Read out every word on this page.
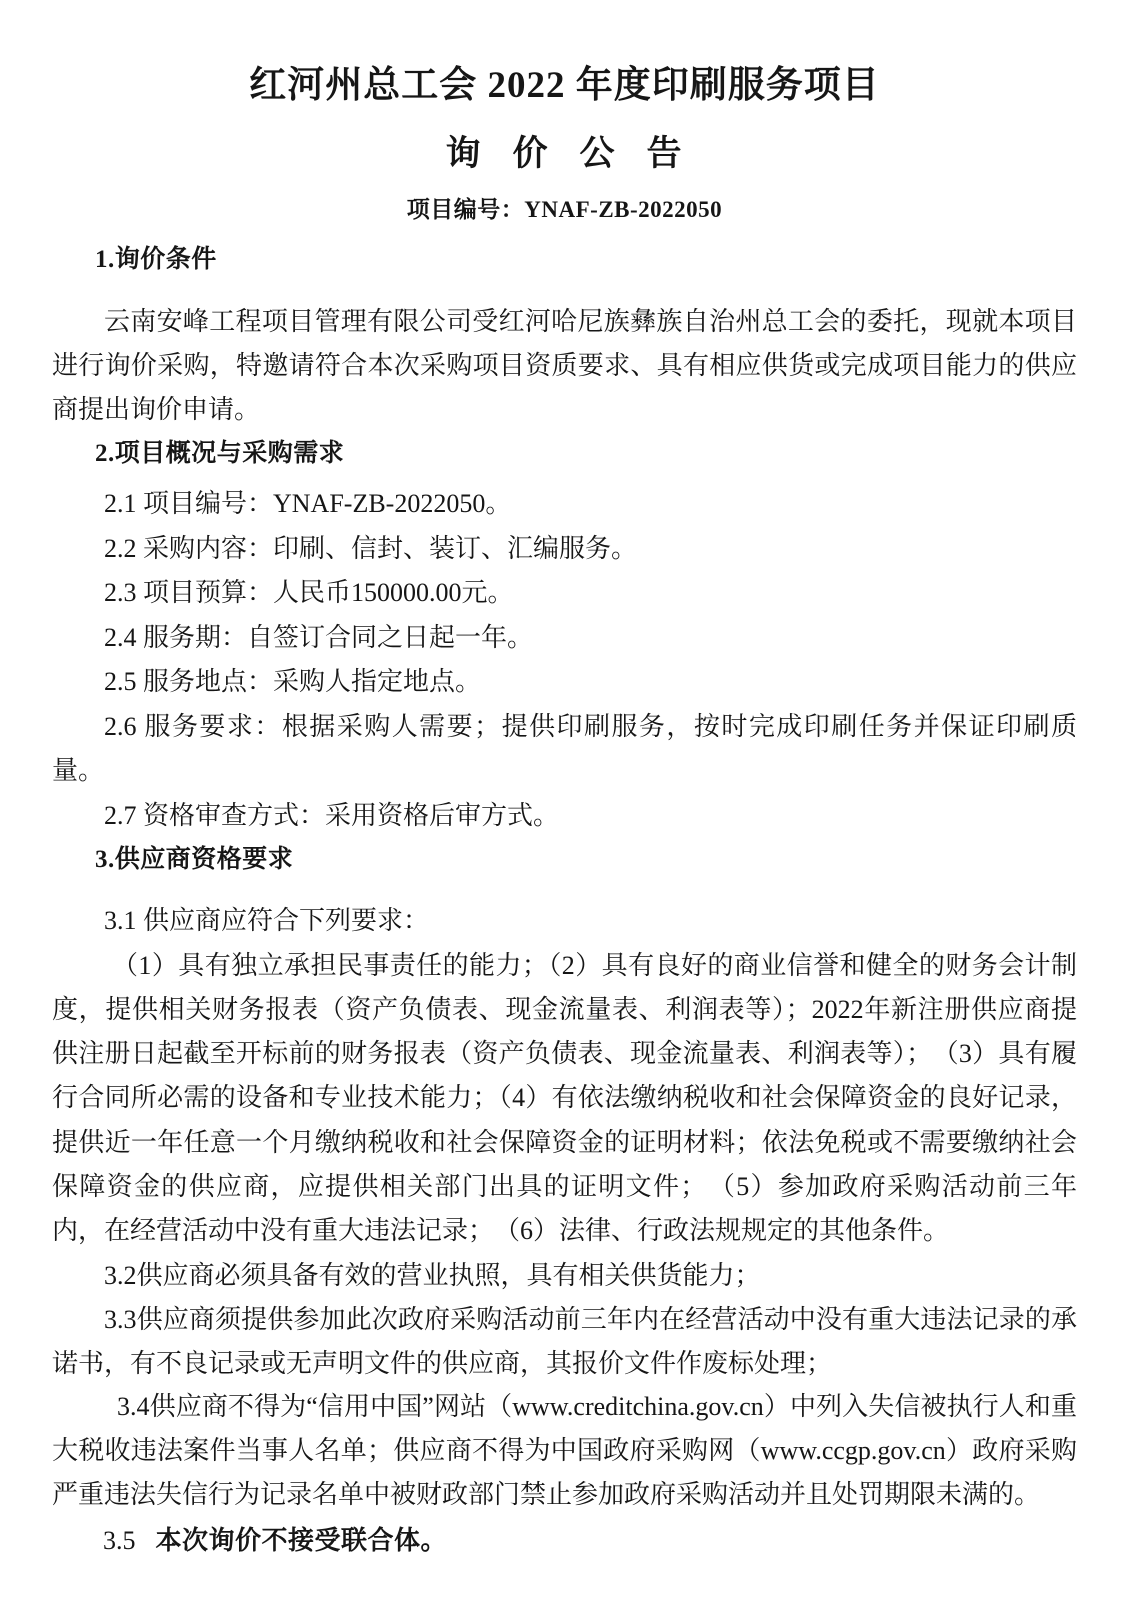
红河州总工会 2022 年度印刷服务项目
询 价 公 告

项目编号：YNAF-ZB-2022050

1.询价条件

云南安峰工程项目管理有限公司受红河哈尼族彝族自治州总工会的委托，现就本项目进行询价采购，特邀请符合本次采购项目资质要求、具有相应供货或完成项目能力的供应商提出询价申请。

2.项目概况与采购需求

2.1 项目编号：YNAF-ZB-2022050。

2.2 采购内容：印刷、信封、装订、汇编服务。

2.3 项目预算：人民币150000.00元。

2.4 服务期：自签订合同之日起一年。

2.5 服务地点：采购人指定地点。

2.6 服务要求：根据采购人需要；提供印刷服务，按时完成印刷任务并保证印刷质量。

2.7 资格审查方式：采用资格后审方式。

3.供应商资格要求

3.1 供应商应符合下列要求：

（1）具有独立承担民事责任的能力；（2）具有良好的商业信誉和健全的财务会计制度，提供相关财务报表（资产负债表、现金流量表、利润表等）；2022年新注册供应商提供注册日起截至开标前的财务报表（资产负债表、现金流量表、利润表等）；　（3）具有履行合同所必需的设备和专业技术能力；（4）有依法缴纳税收和社会保障资金的良好记录，提供近一年任意一个月缴纳税收和社会保障资金的证明材料；依法免税或不需要缴纳社会保障资金的供应商，应提供相关部门出具的证明文件；　（5）参加政府采购活动前三年内，在经营活动中没有重大违法记录；　（6）法律、行政法规规定的其他条件。

3.2供应商必须具备有效的营业执照，具有相关供货能力；

3.3供应商须提供参加此次政府采购活动前三年内在经营活动中没有重大违法记录的承诺书，有不良记录或无声明文件的供应商，其报价文件作废标处理；

3.4供应商不得为“信用中国”网站（www.creditchina.gov.cn）中列入失信被执行人和重大税收违法案件当事人名单；供应商不得为中国政府采购网（www.ccgp.gov.cn）政府采购严重违法失信行为记录名单中被财政部门禁止参加政府采购活动并且处罚期限未满的。

3.5 本次询价不接受联合体。
